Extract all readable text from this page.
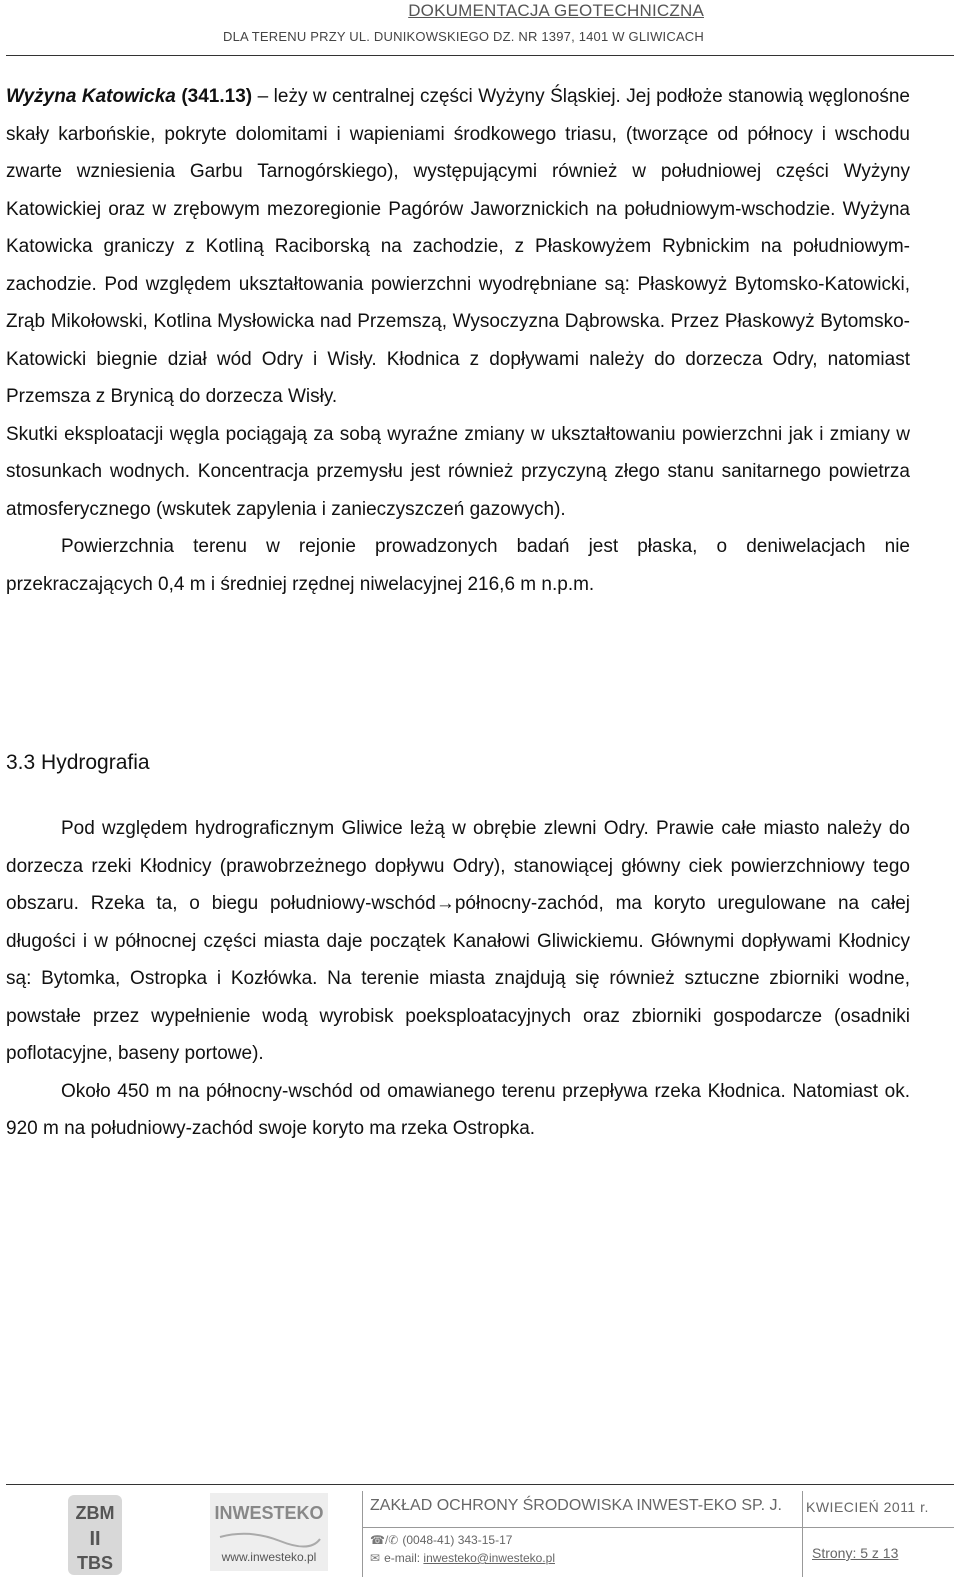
DOKUMENTACJA GEOTECHNICZNA
DLA TERENU PRZY UL. DUNIKOWSKIEGO DZ. NR 1397, 1401 W GLIWICACH

Wyżyna Katowicka (341.13) – leży w centralnej części Wyżyny Śląskiej. Jej podłoże stanowią węglonośne skały karbońskie, pokryte dolomitami i wapieniami środkowego triasu, (tworzące od północy i wschodu zwarte wzniesienia Garbu Tarnogórskiego), występującymi również w południowej części Wyżyny Katowickiej oraz w zrębowym mezoregionie Pagórów Jaworznickich na południowym-wschodzie. Wyżyna Katowicka graniczy z Kotliną Raciborską na zachodzie, z Płaskowyżem Rybnickim na południowym-zachodzie. Pod względem ukształtowania powierzchni wyodrębniane są: Płaskowyż Bytomsko-Katowicki, Zrąb Mikołowski, Kotlina Mysłowicka nad Przemszą, Wysoczyzna Dąbrowska. Przez Płaskowyż Bytomsko-Katowicki biegnie dział wód Odry i Wisły. Kłodnica z dopływami należy do dorzecza Odry, natomiast Przemsza z Brynicą do dorzecza Wisły.

Skutki eksploatacji węgla pociągają za sobą wyraźne zmiany w ukształtowaniu powierzchni jak i zmiany w stosunkach wodnych. Koncentracja przemysłu jest również przyczyną złego stanu sanitarnego powietrza atmosferycznego (wskutek zapylenia i zanieczyszczeń gazowych).

Powierzchnia terenu w rejonie prowadzonych badań jest płaska, o deniwelacjach nie przekraczających 0,4 m i średniej rzędnej niwelacyjnej 216,6 m n.p.m.

3.3 Hydrografia

Pod względem hydrograficznym Gliwice leżą w obrębie zlewni Odry. Prawie całe miasto należy do dorzecza rzeki Kłodnicy (prawobrzeżnego dopływu Odry), stanowiącej główny ciek powierzchniowy tego obszaru. Rzeka ta, o biegu południowy-wschód→północny-zachód, ma koryto uregulowane na całej długości i w północnej części miasta daje początek Kanałowi Gliwickiemu. Głównymi dopływami Kłodnicy są: Bytomka, Ostropka i Kozłówka. Na terenie miasta znajdują się również sztuczne zbiorniki wodne, powstałe przez wypełnienie wodą wyrobisk poeksploatacyjnych oraz zbiorniki gospodarcze (osadniki poflotacyjne, baseny portowe).

Około 450 m na północny-wschód od omawianego terenu przepływa rzeka Kłodnica. Natomiast ok. 920 m na południowy-zachód swoje koryto ma rzeka Ostropka.

ZBM
II
TBS
INWESTEKO
www.inwesteko.pl
ZAKŁAD OCHRONY ŚRODOWISKA INWEST-EKO SP. J. KWIECIEŃ 2011 r.
☎/✆ (0048-41) 343-15-17
✉ e-mail: inwesteko@inwesteko.pl	Strony: 5 z 13
